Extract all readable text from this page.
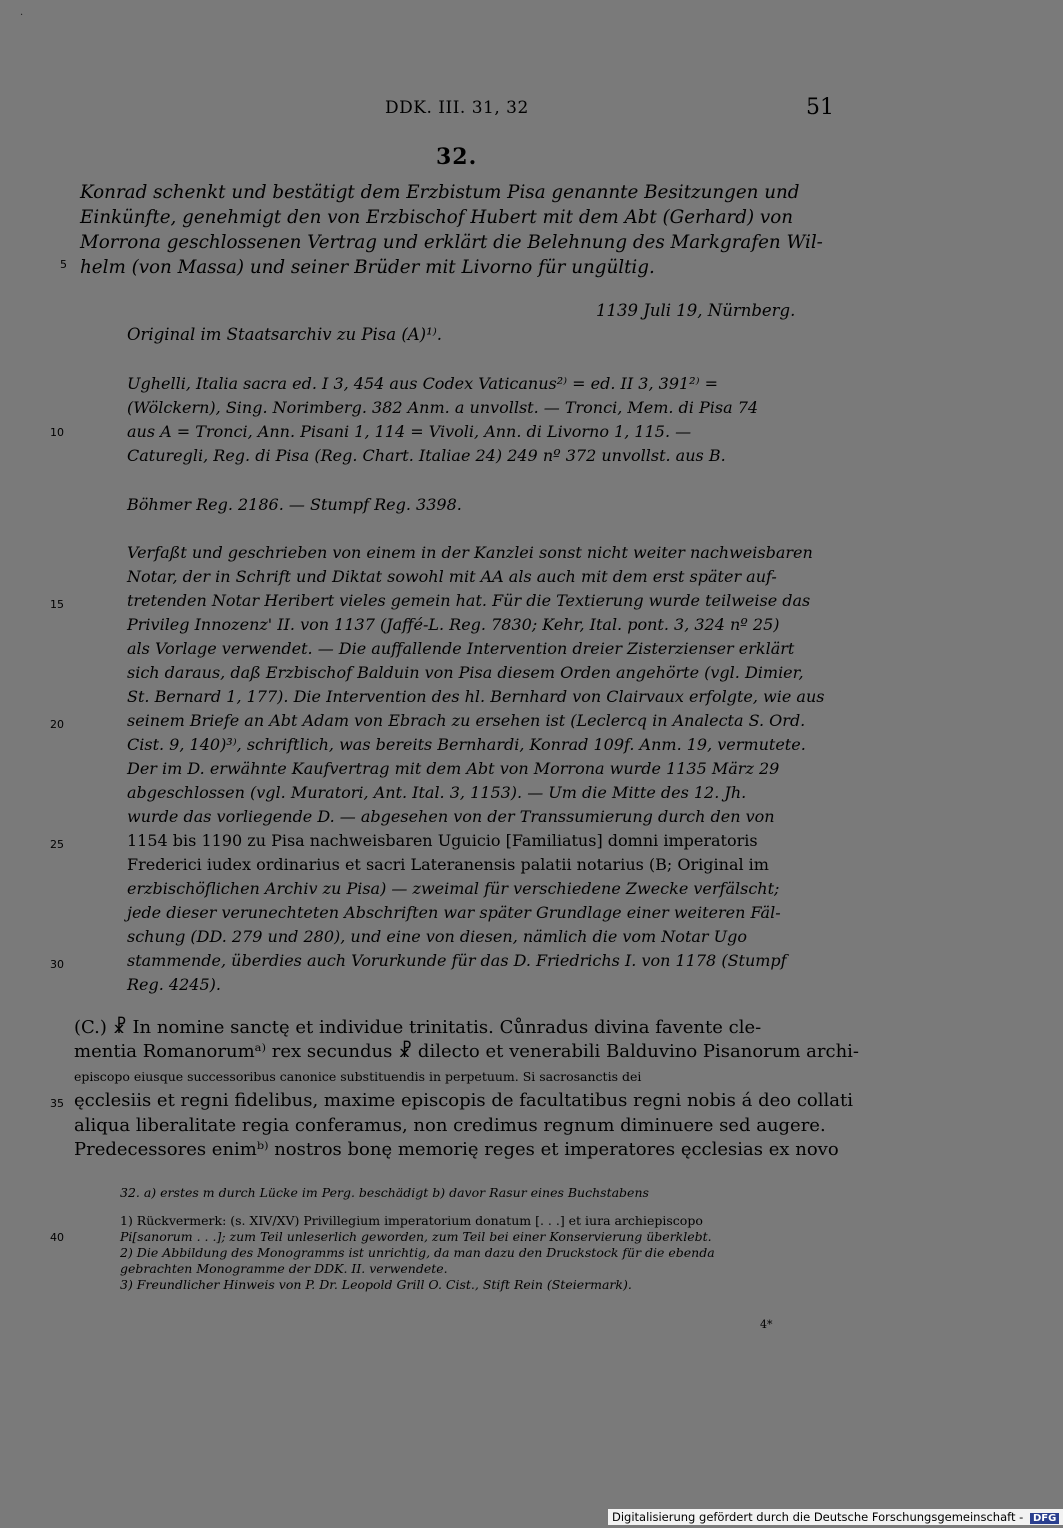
·
DDK. III. 31, 32	51
32.
Konrad schenkt und bestätigt dem Erzbistum Pisa genannte Besitzungen und
Einkünfte, genehmigt den von Erzbischof Hubert mit dem Abt (Gerhard) von
Morrona geschlossenen Vertrag und erklärt die Belehnung des Markgrafen Wil-
helm (von Massa) und seiner Brüder mit Livorno für ungültig.
5
1139 Juli 19, Nürnberg.
Original im Staatsarchiv zu Pisa (A)¹⁾.
Ughelli, Italia sacra ed. I 3, 454 aus Codex Vaticanus²⁾ = ed. II 3, 391²⁾ =
(Wölckern), Sing. Norimberg. 382 Anm. a unvollst. — Tronci, Mem. di Pisa 74
aus A = Tronci, Ann. Pisani 1, 114 = Vivoli, Ann. di Livorno 1, 115. —
Caturegli, Reg. di Pisa (Reg. Chart. Italiae 24) 249 nº 372 unvollst. aus B.
10
Böhmer Reg. 2186. — Stumpf Reg. 3398.
Verfaßt und geschrieben von einem in der Kanzlei sonst nicht weiter nachweisbaren
Notar, der in Schrift und Diktat sowohl mit AA als auch mit dem erst später auf-
tretenden Notar Heribert vieles gemein hat. Für die Textierung wurde teilweise das
Privileg Innozenz' II. von 1137 (Jaffé-L. Reg. 7830; Kehr, Ital. pont. 3, 324 nº 25)
als Vorlage verwendet. — Die auffallende Intervention dreier Zisterzienser erklärt
sich daraus, daß Erzbischof Balduin von Pisa diesem Orden angehörte (vgl. Dimier,
St. Bernard 1, 177). Die Intervention des hl. Bernhard von Clairvaux erfolgte, wie aus
seinem Briefe an Abt Adam von Ebrach zu ersehen ist (Leclercq in Analecta S. Ord.
Cist. 9, 140)³⁾, schriftlich, was bereits Bernhardi, Konrad 109f. Anm. 19, vermutete.
Der im D. erwähnte Kaufvertrag mit dem Abt von Morrona wurde 1135 März 29
abgeschlossen (vgl. Muratori, Ant. Ital. 3, 1153). — Um die Mitte des 12. Jh.
wurde das vorliegende D. — abgesehen von der Transsumierung durch den von
1154 bis 1190 zu Pisa nachweisbaren Uguicio [Familiatus] domni imperatoris
Frederici iudex ordinarius et sacri Lateranensis palatii notarius (B; Original im
erzbischöflichen Archiv zu Pisa) — zweimal für verschiedene Zwecke verfälscht;
jede dieser verunechteten Abschriften war später Grundlage einer weiteren Fäl-
schung (DD. 279 und 280), und eine von diesen, nämlich die vom Notar Ugo
stammende, überdies auch Vorurkunde für das D. Friedrichs I. von 1178 (Stumpf
Reg. 4245).
15
20
25
30
(C.) ☧ In nomine sanctę et individue trinitatis. Cůnradus divina favente cle-
mentia Romanorumᵃ⁾ rex secundus ☧ dilecto et venerabili Balduvino Pisanorum archi-
episcopo eiusque successoribus canonice substituendis in perpetuum. Si sacrosanctis dei
ęcclesiis et regni fidelibus, maxime episcopis de facultatibus regni nobis á deo collati
aliqua liberalitate regia conferamus, non credimus regnum diminuere sed augere.
Predecessores enimᵇ⁾ nostros bonę memorię reges et imperatores ęcclesias ex novo
35
32. a) erstes m durch Lücke im Perg. beschädigt b) davor Rasur eines Buchstabens
1) Rückvermerk: (s. XIV/XV) Privillegium imperatorium donatum [. . .] et iura archiepiscopo
Pi[sanorum . . .]; zum Teil unleserlich geworden, zum Teil bei einer Konservierung überklebt.
2) Die Abbildung des Monogramms ist unrichtig, da man dazu den Druckstock für die ebenda
gebrachten Monogramme der DDK. II. verwendete.
3) Freundlicher Hinweis von P. Dr. Leopold Grill O. Cist., Stift Rein (Steiermark).
40
4*
Digitalisierung gefördert durch die Deutsche Forschungsgemeinschaft - DFG
